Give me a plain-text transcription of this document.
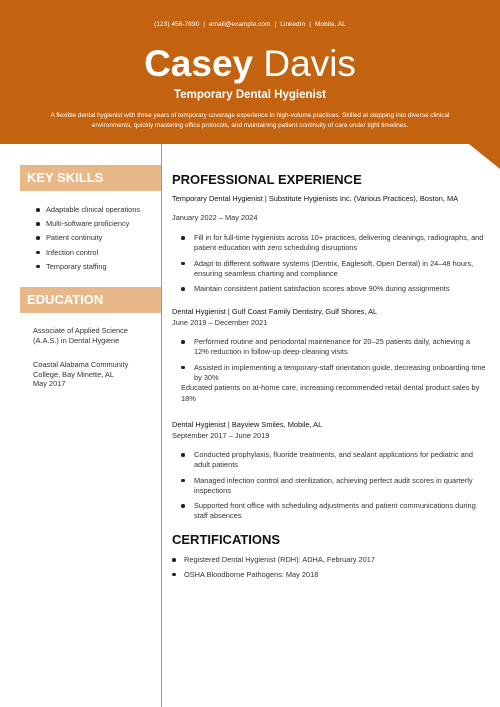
(123) 456-7890 | email@example.com | LinkedIn | Mobile, AL
Casey Davis
Temporary Dental Hygienist
A flexible dental hygienist with three years of temporary coverage experience in high-volume practices. Skilled at stepping into diverse clinical environments, quickly mastering office protocols, and maintaining patient continuity of care under tight timelines.
KEY SKILLS
Adaptable clinical operations
Multi-software proficiency
Patient continuity
Infection control
Temporary staffing
EDUCATION
Associate of Applied Science (A.A.S.) in Dental Hygiene
Coastal Alabama Community College, Bay Minette, AL
May 2017
PROFESSIONAL EXPERIENCE
Temporary Dental Hygienist | Substitute Hygienists Inc. (Various Practices), Boston, MA
January 2022 – May 2024
Fill in for full-time hygienists across 10+ practices, delivering cleanings, radiographs, and patient education with zero scheduling disruptions
Adapt to different software systems (Dentrix, Eaglesoft, Open Dental) in 24–48 hours, ensuring seamless charting and compliance
Maintain consistent patient satisfaction scores above 90% during assignments
Dental Hygienist | Gulf Coast Family Dentistry, Gulf Shores, AL
June 2019 – December 2021
Performed routine and periodontal maintenance for 20–25 patients daily, achieving a 12% reduction in follow-up deep-cleaning visits
Assisted in implementing a temporary-staff orientation guide, decreasing onboarding time by 30%
Educated patients on at-home care, increasing recommended retail dental product sales by 18%
Dental Hygienist | Bayview Smiles, Mobile, AL
September 2017 – June 2019
Conducted prophylaxis, fluoride treatments, and sealant applications for pediatric and adult patients
Managed infection control and sterilization, achieving perfect audit scores in quarterly inspections
Supported front office with scheduling adjustments and patient communications during staff absences
CERTIFICATIONS
Registered Dental Hygienist (RDH): ADHA, February 2017
OSHA Bloodborne Pathogens: May 2018
